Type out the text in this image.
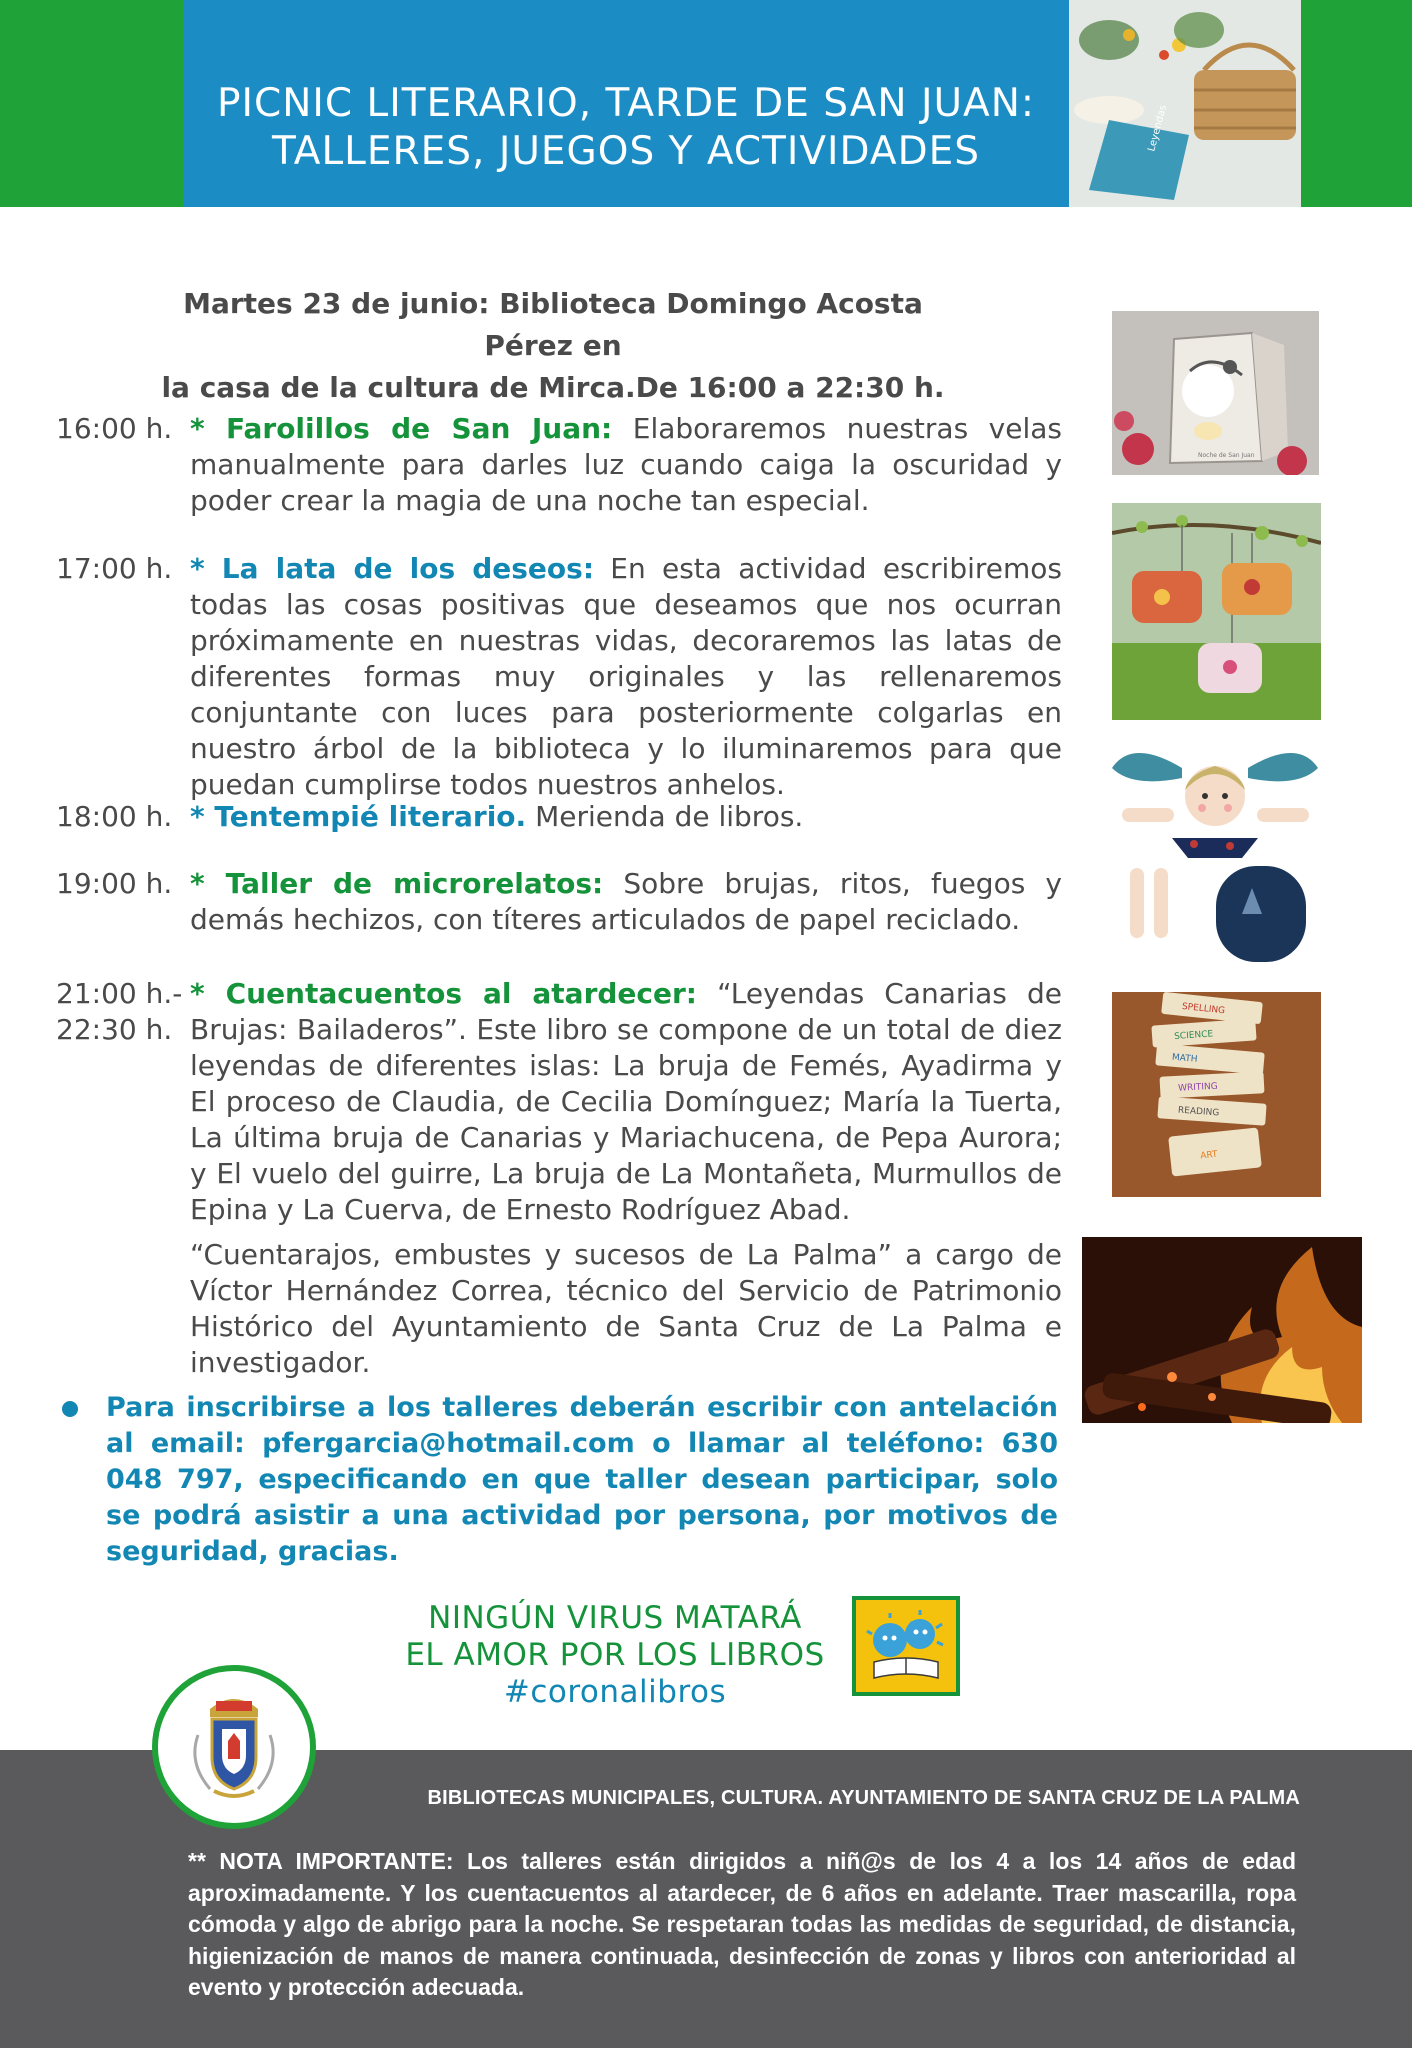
Leyendas
PICNIC LITERARIO, TARDE DE SAN JUAN:
TALLERES, JUEGOS Y ACTIVIDADES
Martes 23 de junio: Biblioteca Domingo Acosta Pérez en
la casa de la cultura de Mirca.De 16:00 a 22:30 h.
16:00 h. * Farolillos de San Juan: Elaboraremos nuestras velas manualmente para darles luz cuando caiga la oscuridad y poder crear la magia de una noche tan especial.
17:00 h. * La lata de los deseos: En esta actividad escribiremos todas las cosas positivas que deseamos que nos ocurran próximamente en nuestras vidas, decoraremos las latas de diferentes formas muy originales y las rellenaremos conjuntante con luces para posteriormente colgarlas en nuestro árbol de la biblioteca y lo iluminaremos para que puedan cumplirse todos nuestros anhelos.
18:00 h. * Tentempié literario. Merienda de libros.
19:00 h. * Taller de microrelatos: Sobre brujas, ritos, fuegos y demás hechizos, con títeres articulados de papel reciclado.
21:00 h.-
22:30 h.
* Cuentacuentos al atardecer: “Leyendas Canarias de Brujas: Bailaderos”. Este libro se compone de un total de diez leyendas de diferentes islas: La bruja de Femés, Ayadirma y El proceso de Claudia, de Cecilia Domínguez; María la Tuerta, La última bruja de Canarias y Mariachucena, de Pepa Aurora; y El vuelo del guirre, La bruja de La Montañeta, Murmullos de Epina y La Cuerva, de Ernesto Rodríguez Abad.
“Cuentarajos, embustes y sucesos de La Palma” a cargo de Víctor Hernández Correa, técnico del Servicio de Patrimonio Histórico del Ayuntamiento de Santa Cruz de La Palma e investigador.
Para inscribirse a los talleres deberán escribir con antelación al email: pfergarcia@hotmail.com o llamar al teléfono: 630 048 797, especificando en que taller desean participar, solo se podrá asistir a una actividad por persona, por motivos de seguridad, gracias.
NINGÚN VIRUS MATARÁ
EL AMOR POR LOS LIBROS
#coronalibros
BIBLIOTECAS MUNICIPALES, CULTURA. AYUNTAMIENTO DE SANTA CRUZ DE LA PALMA
** NOTA IMPORTANTE: Los talleres están dirigidos a niñ@s de los 4 a los 14 años de edad aproximadamente. Y los cuentacuentos al atardecer, de 6 años en adelante. Traer mascarilla, ropa cómoda y algo de abrigo para la noche. Se respetaran todas las medidas de seguridad, de distancia, higienización de manos de manera continuada, desinfección de zonas y libros con anterioridad al evento y protección adecuada.
Noche de San Juan
SPELLING
SCIENCE
MATH
WRITING
READING
ART
